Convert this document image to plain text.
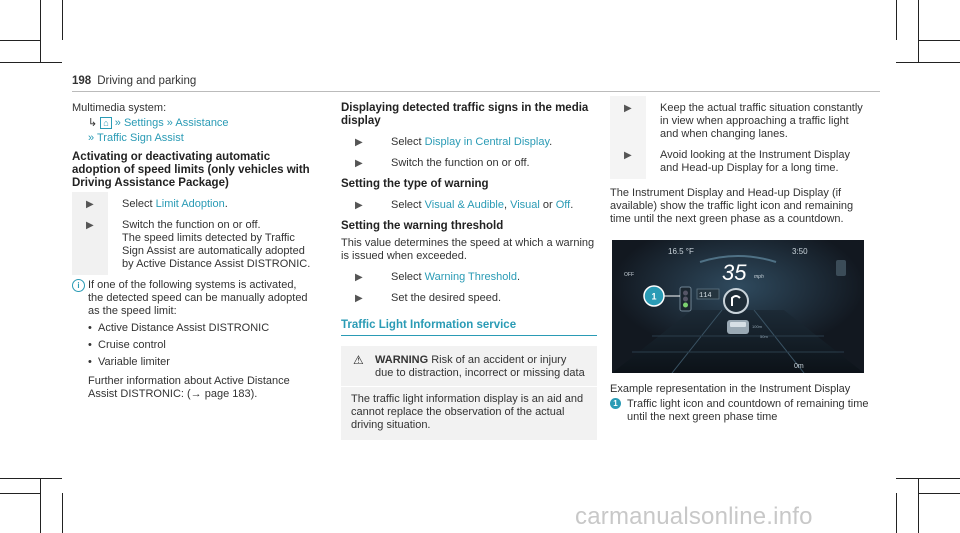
198 Driving and parking
Multimedia system:
↳ ⌂ » Settings » Assistance
» Traffic Sign Assist
Activating or deactivating automatic adoption of speed limits (only vehicles with Driving Assistance Package)
▶	Select Limit Adoption.
▶	Switch the function on or off.
The speed limits detected by Traffic Sign Assist are automatically adopted by Active Distance Assist DISTRONIC.
i If one of the following systems is activated, the detected speed can be manually adopted as the speed limit:
• Active Distance Assist DISTRONIC
• Cruise control
• Variable limiter
Further information about Active Distance Assist DISTRONIC: (→ page 183).
Displaying detected traffic signs in the media display
▶	Select Display in Central Display.
▶	Switch the function on or off.
Setting the type of warning
▶	Select Visual & Audible, Visual or Off.
Setting the warning threshold
This value determines the speed at which a warning is issued when exceeded.
▶	Select Warning Threshold.
▶	Set the desired speed.
Traffic Light Information service
⚠ WARNING Risk of an accident or injury due to distraction, incorrect or missing data
The traffic light information display is an aid and cannot replace the observation of the actual driving situation.
▶	Keep the actual traffic situation constantly in view when approaching a traffic light and when changing lanes.
▶	Avoid looking at the Instrument Display and Head-up Display for a long time.
The Instrument Display and Head-up Display (if available) show the traffic light icon and remaining time until the next green phase as a countdown.
1
16.5 °F	3:50
35 mph
114
OFF
100m
50m
0m
Example representation in the Instrument Display
1 Traffic light icon and countdown of remaining time until the next green phase time
carmanualsonline.info
